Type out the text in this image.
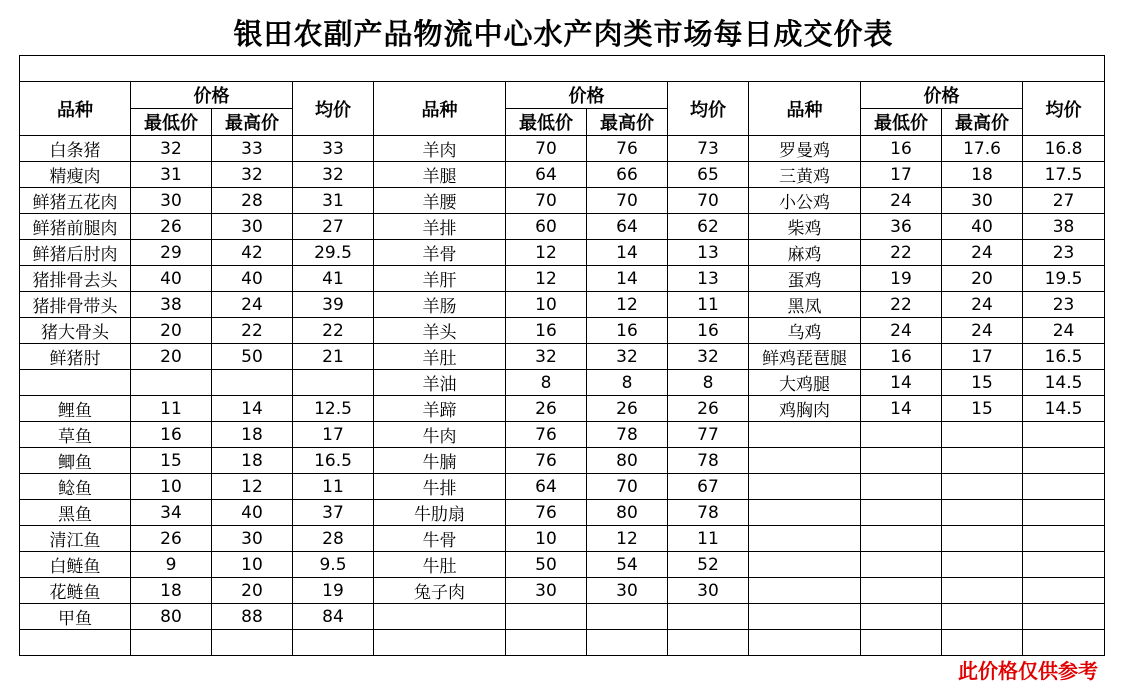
银田农副产品物流中心水产肉类市场每日成交价表

品种	价格		均价	品种	价格		均价	品种	价格		均价
	最低价	最高价			最低价	最高价			最低价	最高价	
白条猪	32	33	33	羊肉	70	76	73	罗曼鸡	16	17.6	16.8
精瘦肉	31	32	32	羊腿	64	66	65	三黄鸡	17	18	17.5
鲜猪五花肉	30	28	31	羊腰	70	70	70	小公鸡	24	30	27
鲜猪前腿肉	26	30	27	羊排	60	64	62	柴鸡	36	40	38
鲜猪后肘肉	29	42	29.5	羊骨	12	14	13	麻鸡	22	24	23
猪排骨去头	40	40	41	羊肝	12	14	13	蛋鸡	19	20	19.5
猪排骨带头	38	24	39	羊肠	10	12	11	黑凤	22	24	23
猪大骨头	20	22	22	羊头	16	16	16	乌鸡	24	24	24
鲜猪肘	20	50	21	羊肚	32	32	32	鲜鸡琵琶腿	16	17	16.5
				羊油	8	8	8	大鸡腿	14	15	14.5
鲤鱼	11	14	12.5	羊蹄	26	26	26	鸡胸肉	14	15	14.5
草鱼	16	18	17	牛肉	76	78	77				
鲫鱼	15	18	16.5	牛腩	76	80	78				
鲶鱼	10	12	11	牛排	64	70	67				
黑鱼	34	40	37	牛肋扇	76	80	78				
清江鱼	26	30	28	牛骨	10	12	11				
白鲢鱼	9	10	9.5	牛肚	50	54	52				
花鲢鱼	18	20	19	兔子肉	30	30	30				
甲鱼	80	88	84								

此价格仅供参考
